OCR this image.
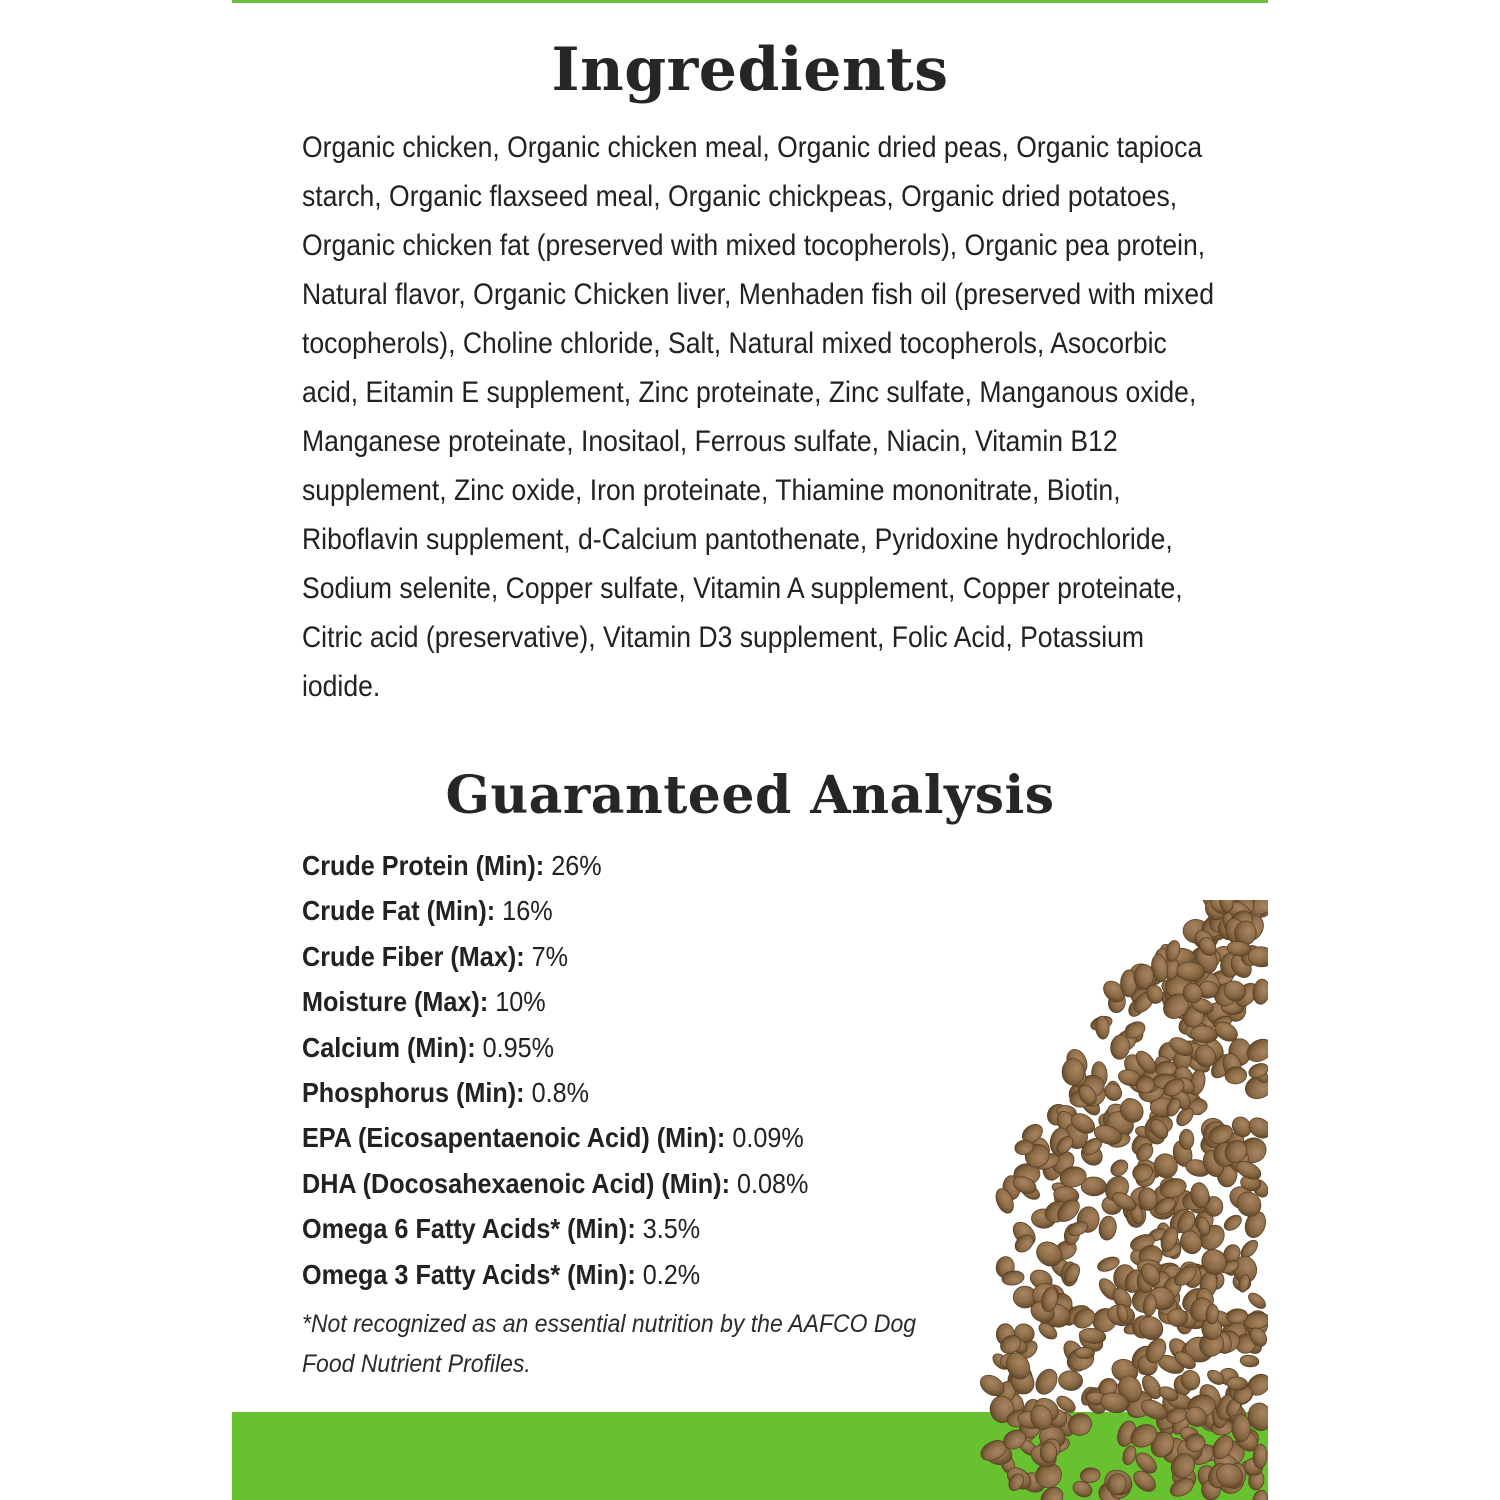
Ingredients
Organic chicken, Organic chicken meal, Organic dried peas, Organic tapioca starch, Organic flaxseed meal, Organic chickpeas, Organic dried potatoes, Organic chicken fat (preserved with mixed tocopherols), Organic pea protein, Natural flavor, Organic Chicken liver, Menhaden fish oil (preserved with mixed tocopherols), Choline chloride, Salt, Natural mixed tocopherols, Asocorbic acid, Eitamin E supplement, Zinc proteinate, Zinc sulfate, Manganous oxide, Manganese proteinate, Inositaol, Ferrous sulfate, Niacin, Vitamin B12 supplement, Zinc oxide, Iron proteinate, Thiamine mononitrate, Biotin, Riboflavin supplement, d-Calcium pantothenate, Pyridoxine hydrochloride, Sodium selenite, Copper sulfate, Vitamin A supplement, Copper proteinate, Citric acid (preservative), Vitamin D3 supplement, Folic Acid, Potassium iodide.
Guaranteed Analysis
Crude Protein (Min): 26%
Crude Fat (Min): 16%
Crude Fiber (Max): 7%
Moisture (Max): 10%
Calcium (Min): 0.95%
Phosphorus (Min): 0.8%
EPA (Eicosapentaenoic Acid) (Min): 0.09%
DHA (Docosahexaenoic Acid) (Min): 0.08%
Omega 6 Fatty Acids* (Min): 3.5%
Omega 3 Fatty Acids* (Min): 0.2%
*Not recognized as an essential nutrition by the AAFCO Dog Food Nutrient Profiles.
